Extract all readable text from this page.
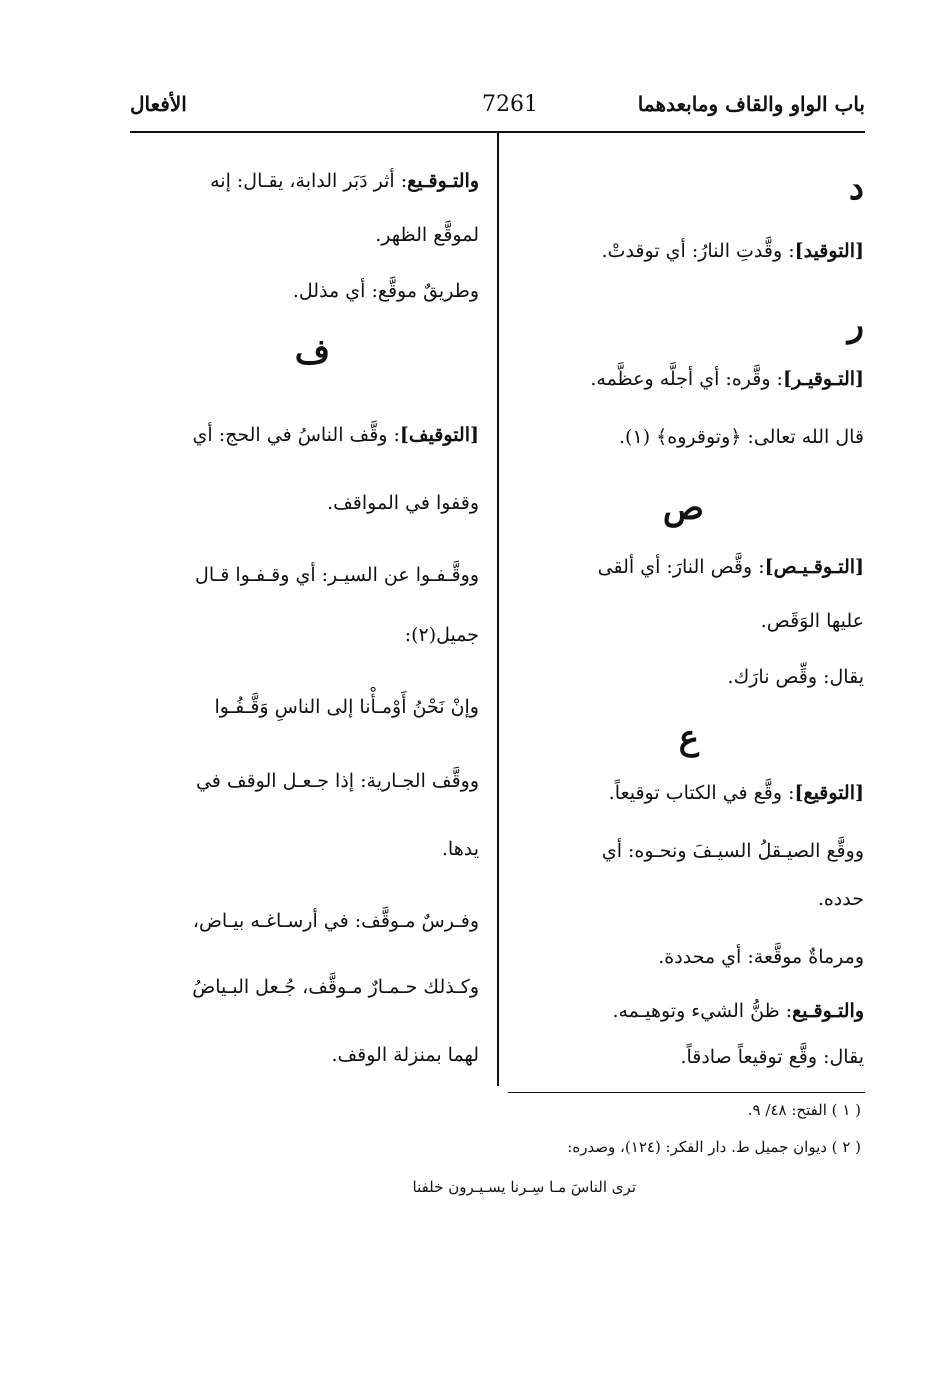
باب الواو والقاف ومابعدهما
7261
الأفعال
د
[التوقيد]: وقَّدتِ النارُ: أي توقدتْ.
ر
[التـوقيـر]: وقَّره: أي أجلَّه وعظَّمه.
قال الله تعالى: ﴿وتوقروه﴾ (١).
ص
[التـوقـيـص]: وقَّص النارَ: أي ألقى
عليها الوَقَص.
يقال: وقِّص نارَك.
ع
[التوقيع]: وقَّع في الكتاب توقيعاً.
ووقَّع الصيـقلُ السيـفَ ونحـوه: أي
حدده.
ومرماةٌ موقَّعة: أي محددة.
والتـوقـيع: ظنُّ الشيء وتوهيـمه.
يقال: وقَّع توقيعاً صادقاً.
والتـوقـيع: أثر دَبَر الدابة، يقـال: إنه
لموقَّع الظهر.
وطريقٌ موقَّع: أي مذلل.
ف
[التوقيف]: وقَّف الناسُ في الحج: أي
وقفوا في المواقف.
ووقَّـفـوا عن السيـر: أي وقـفـوا قـال
جميل(٢):
وإنْ نَحْنُ أَوْمـأْنا إلى الناسِ وَقَّـفُـوا
ووقَّف الجـارية: إذا جـعـل الوقف في
يدها.
وفـرسٌ مـوقَّف: في أرسـاغـه بيـاض،
وكـذلك حـمـارٌ مـوقَّف، جُـعل البـياضُ
لهما بمنزلة الوقف.
( ١ ) الفتح: ٤٨/ ٩.
( ٢ ) ديوان جميل ط. دار الفكر: (١٢٤)، وصدره:
ترى الناسَ مـا سِـرنا يسـيـرون خلفنا
